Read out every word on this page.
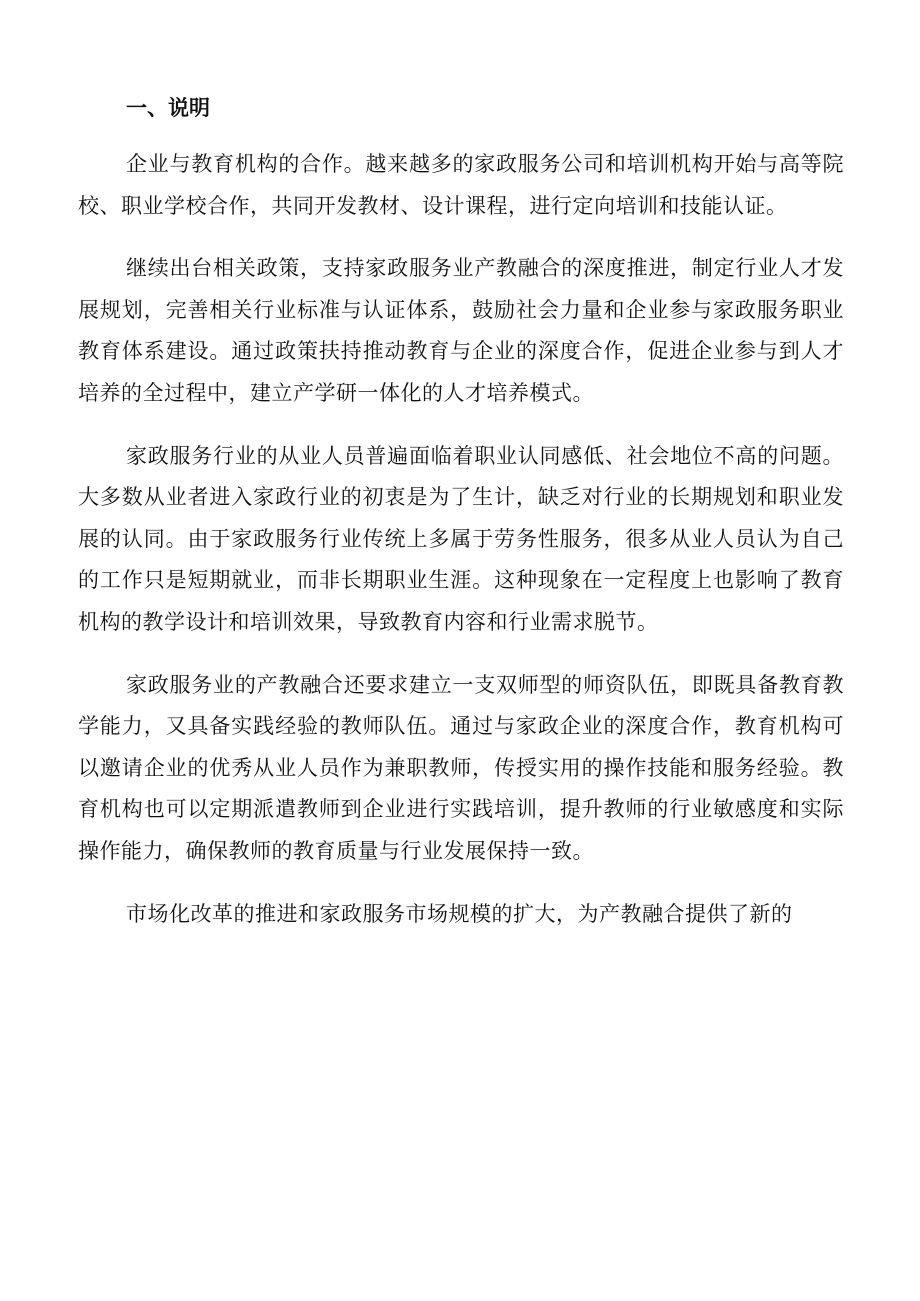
一、说明

企业与教育机构的合作。越来越多的家政服务公司和培训机构开始与高等院校、职业学校合作，共同开发教材、设计课程，进行定向培训和技能认证。

继续出台相关政策，支持家政服务业产教融合的深度推进，制定行业人才发展规划，完善相关行业标准与认证体系，鼓励社会力量和企业参与家政服务职业教育体系建设。通过政策扶持推动教育与企业的深度合作，促进企业参与到人才培养的全过程中，建立产学研一体化的人才培养模式。

家政服务行业的从业人员普遍面临着职业认同感低、社会地位不高的问题。大多数从业者进入家政行业的初衷是为了生计，缺乏对行业的长期规划和职业发展的认同。由于家政服务行业传统上多属于劳务性服务，很多从业人员认为自己的工作只是短期就业，而非长期职业生涯。这种现象在一定程度上也影响了教育机构的教学设计和培训效果，导致教育内容和行业需求脱节。

家政服务业的产教融合还要求建立一支双师型的师资队伍，即既具备教育教学能力，又具备实践经验的教师队伍。通过与家政企业的深度合作，教育机构可以邀请企业的优秀从业人员作为兼职教师，传授实用的操作技能和服务经验。教育机构也可以定期派遣教师到企业进行实践培训，提升教师的行业敏感度和实际操作能力，确保教师的教育质量与行业发展保持一致。

市场化改革的推进和家政服务市场规模的扩大，为产教融合提供了新的
